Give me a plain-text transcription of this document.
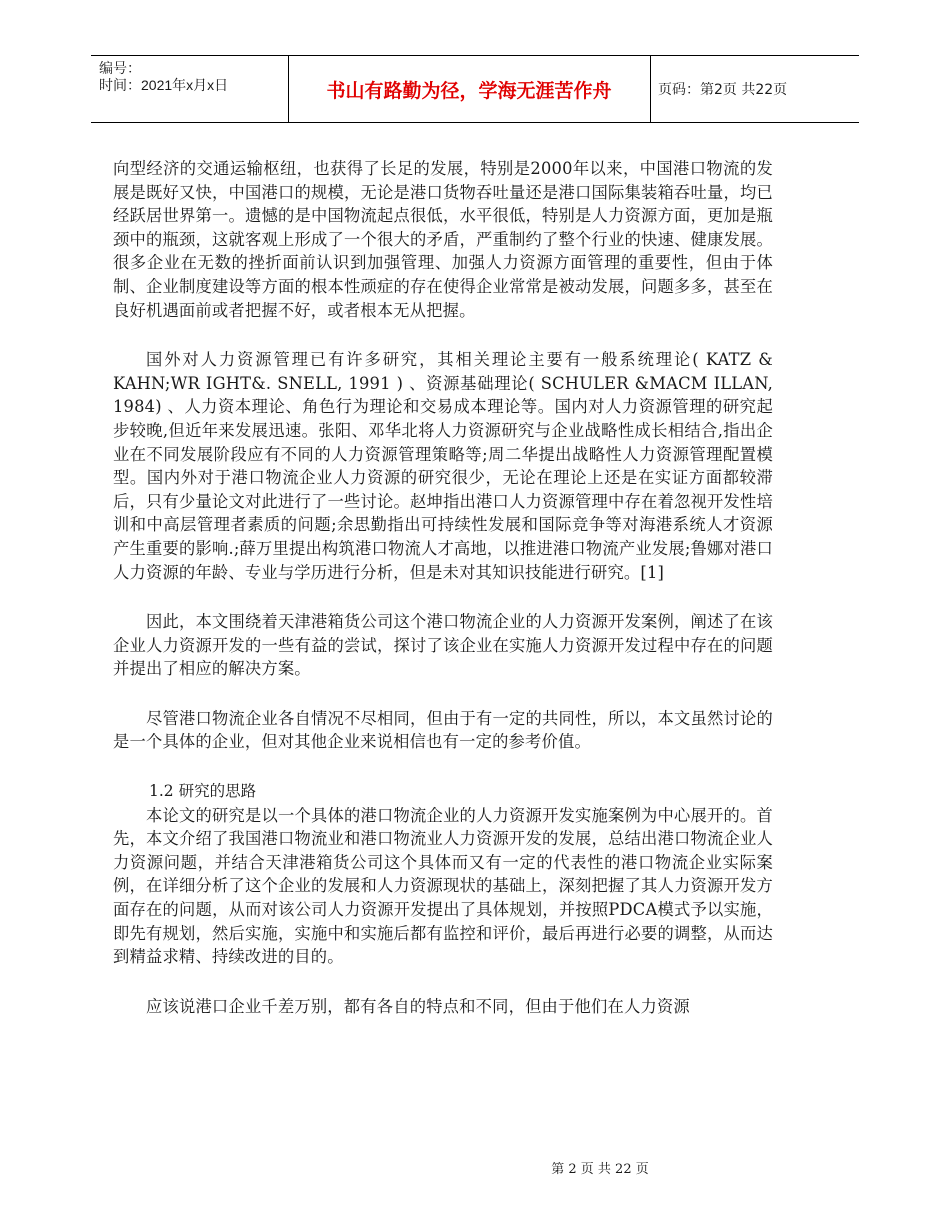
编号：
时间：2021年x月x日	书山有路勤为径，学海无涯苦作舟	页码：第2页 共22页

向型经济的交通运输枢纽，也获得了长足的发展，特别是2000年以来，中国港口物流的发展是既好又快，中国港口的规模，无论是港口货物吞吐量还是港口国际集装箱吞吐量，均已经跃居世界第一。遗憾的是中国物流起点很低，水平很低，特别是人力资源方面，更加是瓶颈中的瓶颈，这就客观上形成了一个很大的矛盾，严重制约了整个行业的快速、健康发展。很多企业在无数的挫折面前认识到加强管理、加强人力资源方面管理的重要性，但由于体制、企业制度建设等方面的根本性顽症的存在使得企业常常是被动发展，问题多多，甚至在良好机遇面前或者把握不好，或者根本无从把握。

国外对人力资源管理已有许多研究，其相关理论主要有一般系统理论( KATZ & KAHN;WR IGHT&. SNELL, 1991 ) 、资源基础理论( SCHULER &MACM ILLAN, 1984) 、人力资本理论、角色行为理论和交易成本理论等。国内对人力资源管理的研究起步较晚,但近年来发展迅速。张阳、邓华北将人力资源研究与企业战略性成长相结合,指出企业在不同发展阶段应有不同的人力资源管理策略等;周二华提出战略性人力资源管理配置模型。国内外对于港口物流企业人力资源的研究很少，无论在理论上还是在实证方面都较滞后，只有少量论文对此进行了一些讨论。赵坤指出港口人力资源管理中存在着忽视开发性培训和中高层管理者素质的问题;余思勤指出可持续性发展和国际竞争等对海港系统人才资源产生重要的影响.;薛万里提出构筑港口物流人才高地，以推进港口物流产业发展;鲁娜对港口人力资源的年龄、专业与学历进行分析，但是未对其知识技能进行研究。[1]

因此，本文围绕着天津港箱货公司这个港口物流企业的人力资源开发案例，阐述了在该企业人力资源开发的一些有益的尝试，探讨了该企业在实施人力资源开发过程中存在的问题并提出了相应的解决方案。

尽管港口物流企业各自情况不尽相同，但由于有一定的共同性，所以，本文虽然讨论的是一个具体的企业，但对其他企业来说相信也有一定的参考价值。

1.2 研究的思路

本论文的研究是以一个具体的港口物流企业的人力资源开发实施案例为中心展开的。首先，本文介绍了我国港口物流业和港口物流业人力资源开发的发展，总结出港口物流企业人力资源问题，并结合天津港箱货公司这个具体而又有一定的代表性的港口物流企业实际案例，在详细分析了这个企业的发展和人力资源现状的基础上，深刻把握了其人力资源开发方面存在的问题，从而对该公司人力资源开发提出了具体规划，并按照PDCA模式予以实施，即先有规划，然后实施，实施中和实施后都有监控和评价，最后再进行必要的调整，从而达到精益求精、持续改进的目的。

应该说港口企业千差万别，都有各自的特点和不同，但由于他们在人力资源

第 2 页 共 22 页
